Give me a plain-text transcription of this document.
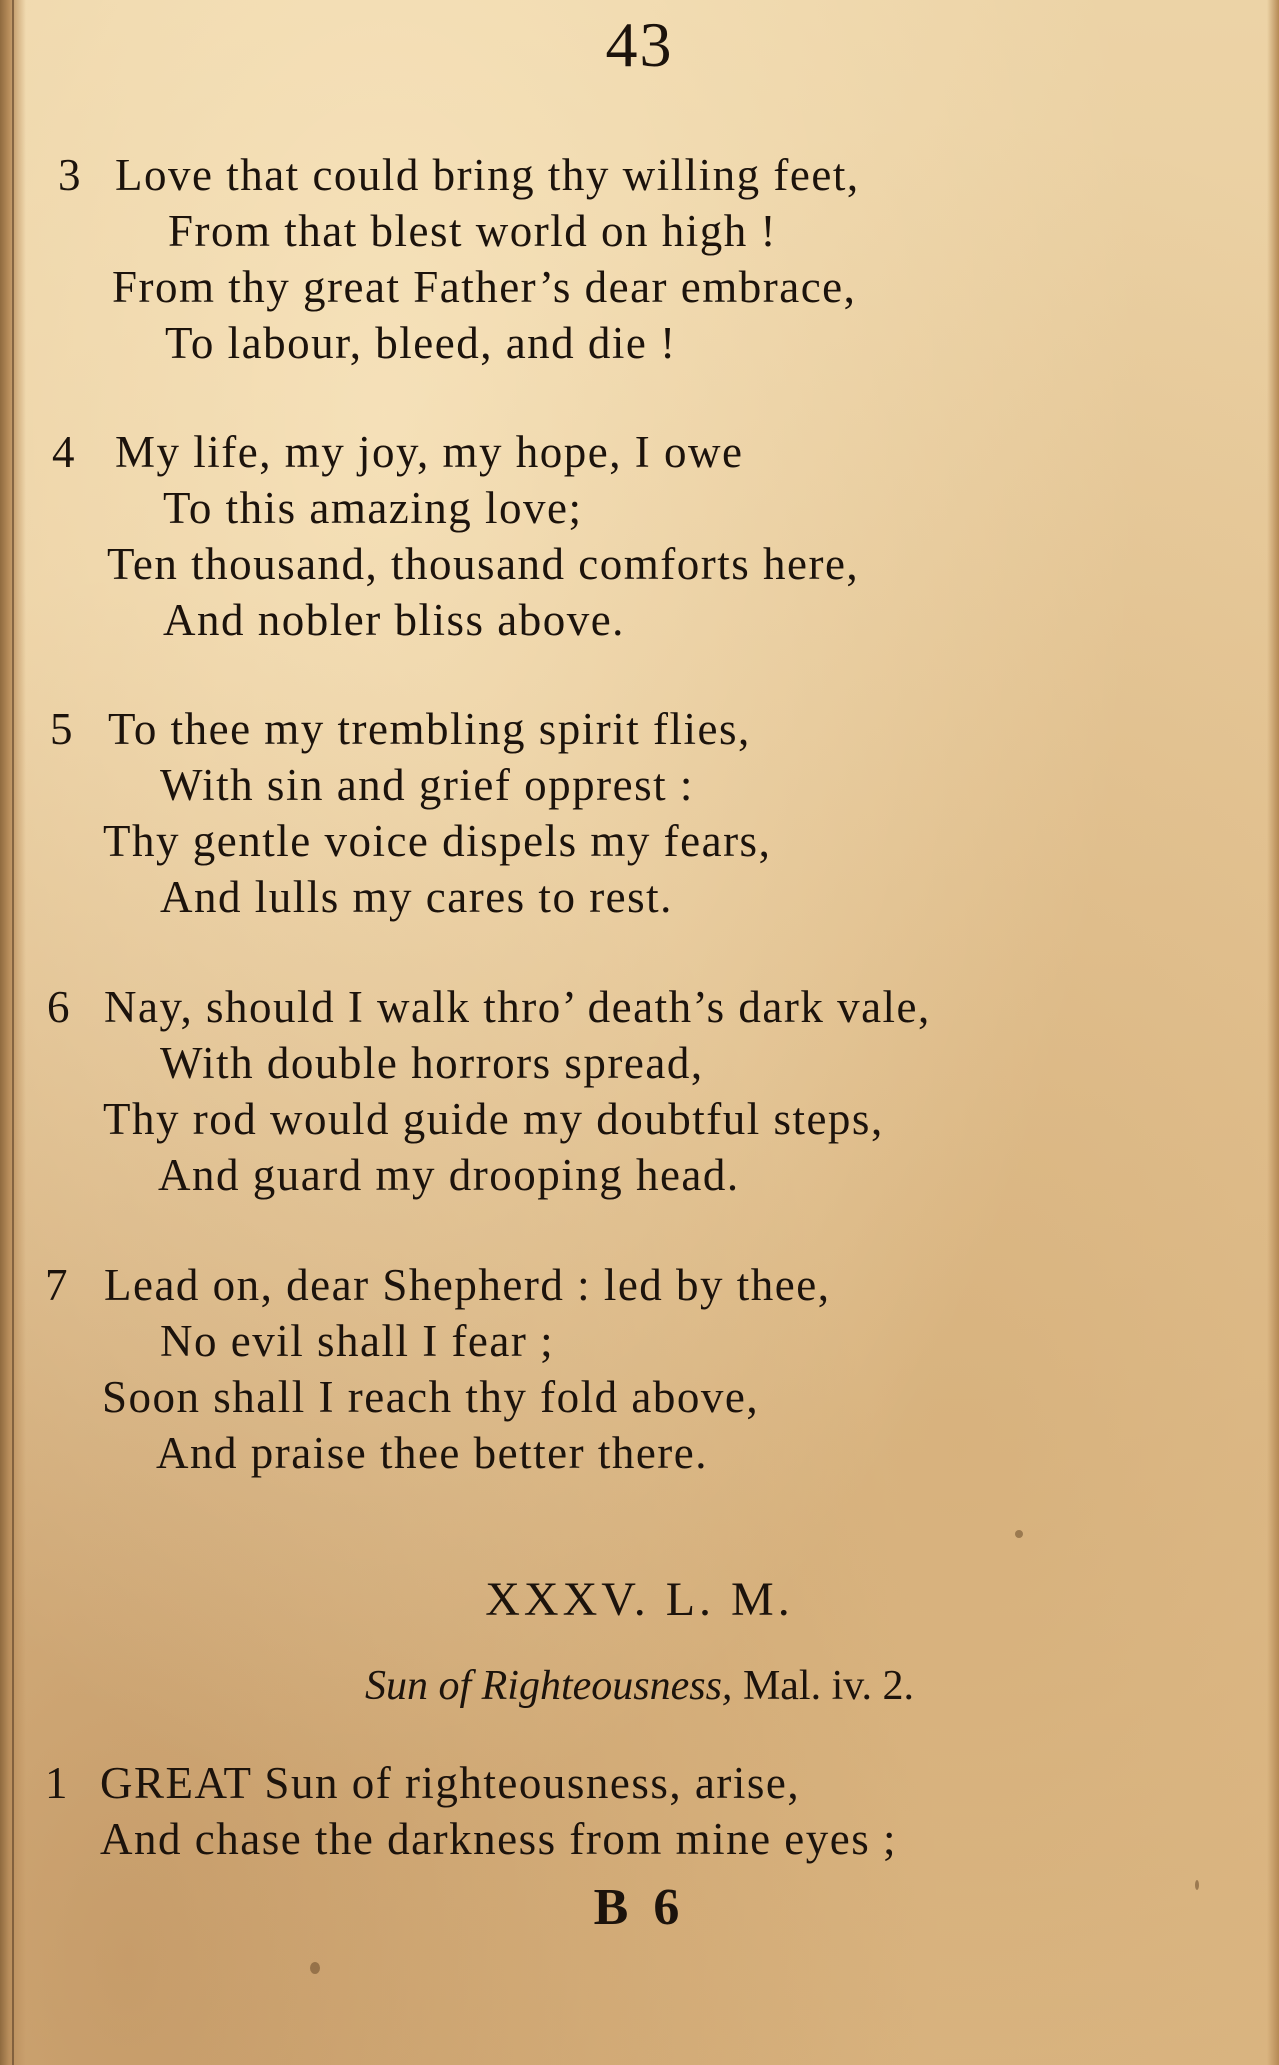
43
3 Love that could bring thy willing feet,
From that blest world on high !
From thy great Father’s dear embrace,
To labour, bleed, and die !
4 My life, my joy, my hope, I owe
To this amazing love;
Ten thousand, thousand comforts here,
And nobler bliss above.
5 To thee my trembling spirit flies,
With sin and grief opprest :
Thy gentle voice dispels my fears,
And lulls my cares to rest.
6 Nay, should I walk thro’ death’s dark vale,
With double horrors spread,
Thy rod would guide my doubtful steps,
And guard my drooping head.
7 Lead on, dear Shepherd : led by thee,
No evil shall I fear ;
Soon shall I reach thy fold above,
And praise thee better there.
XXXV. L. M.
Sun of Righteousness, Mal. iv. 2.
1 GREAT Sun of righteousness, arise,
And chase the darkness from mine eyes ;
B 6
